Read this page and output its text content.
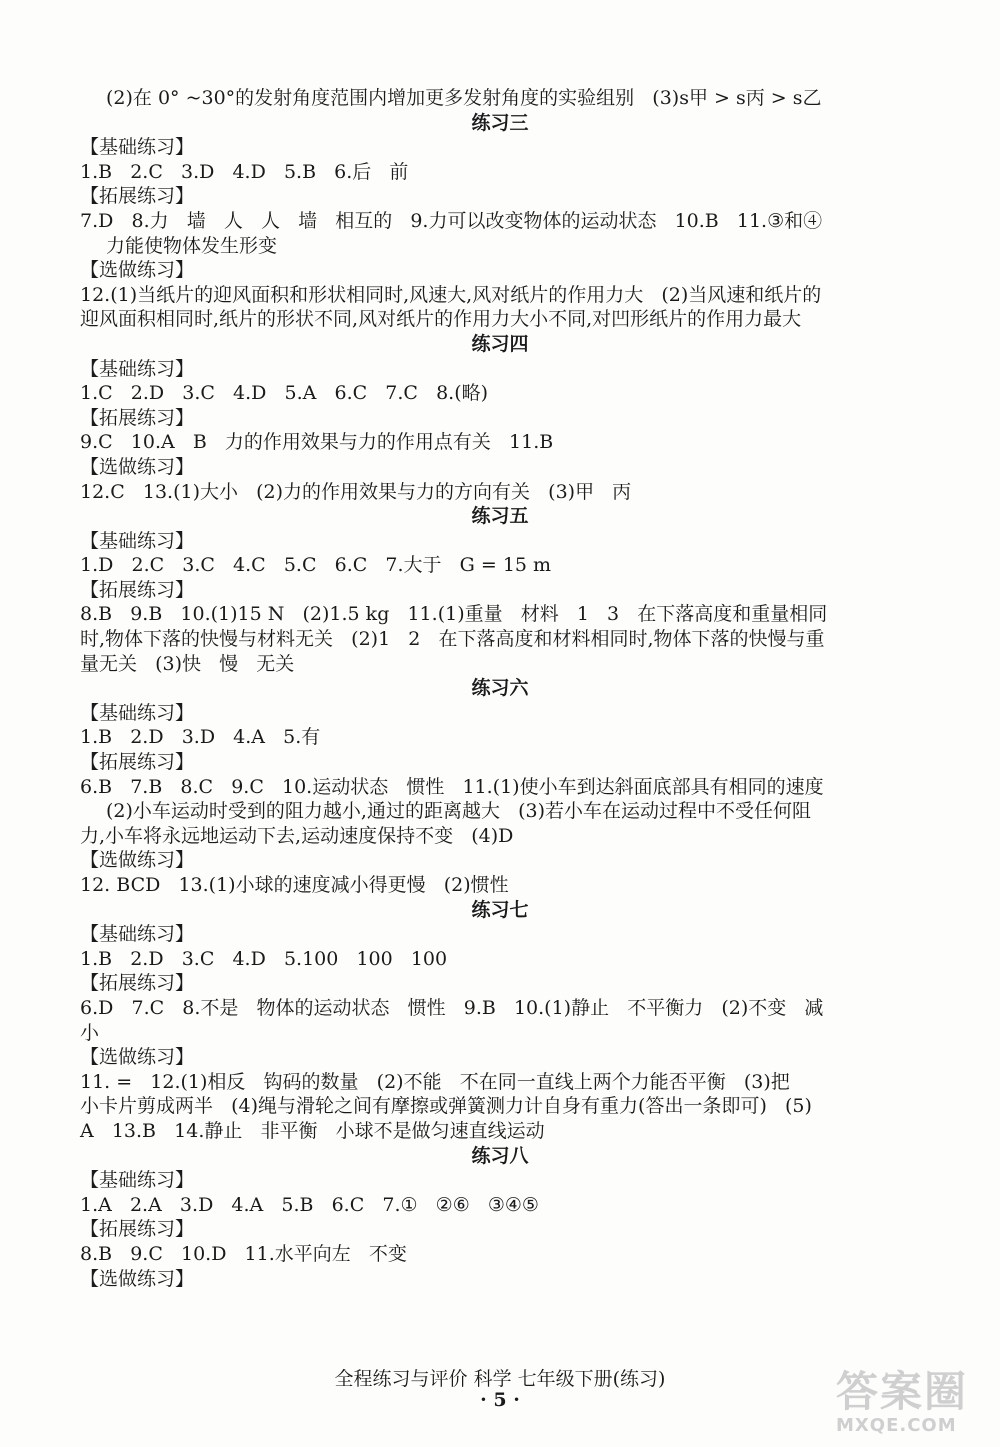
(2)在 0° ~30°的发射角度范围内增加更多发射角度的实验组别   (3)s甲 > s丙 > s乙

练习三

【基础练习】

1.B   2.C   3.D   4.D   5.B   6.后   前

【拓展练习】

7.D   8.力   墙   人   人   墙   相互的   9.力可以改变物体的运动状态   10.B   11.③和④

力能使物体发生形变

【选做练习】

12.(1)当纸片的迎风面积和形状相同时,风速大,风对纸片的作用力大   (2)当风速和纸片的

迎风面积相同时,纸片的形状不同,风对纸片的作用力大小不同,对凹形纸片的作用力最大

练习四

【基础练习】

1.C   2.D   3.C   4.D   5.A   6.C   7.C   8.(略)

【拓展练习】

9.C   10.A   B   力的作用效果与力的作用点有关   11.B

【选做练习】

12.C   13.(1)大小   (2)力的作用效果与力的方向有关   (3)甲   丙

练习五

【基础练习】

1.D   2.C   3.C   4.C   5.C   6.C   7.大于   G = 15 m

【拓展练习】

8.B   9.B   10.(1)15 N   (2)1.5 kg   11.(1)重量   材料   1   3   在下落高度和重量相同

时,物体下落的快慢与材料无关   (2)1   2   在下落高度和材料相同时,物体下落的快慢与重

量无关   (3)快   慢   无关

练习六

【基础练习】

1.B   2.D   3.D   4.A   5.有

【拓展练习】

6.B   7.B   8.C   9.C   10.运动状态   惯性   11.(1)使小车到达斜面底部具有相同的速度

(2)小车运动时受到的阻力越小,通过的距离越大   (3)若小车在运动过程中不受任何阻

力,小车将永远地运动下去,运动速度保持不变   (4)D

【选做练习】

12. BCD   13.(1)小球的速度减小得更慢   (2)惯性

练习七

【基础练习】

1.B   2.D   3.C   4.D   5.100   100   100

【拓展练习】

6.D   7.C   8.不是   物体的运动状态   惯性   9.B   10.(1)静止   不平衡力   (2)不变   减

小

【选做练习】

11. =   12.(1)相反   钩码的数量   (2)不能   不在同一直线上两个力能否平衡   (3)把

小卡片剪成两半   (4)绳与滑轮之间有摩擦或弹簧测力计自身有重力(答出一条即可)   (5)

A   13.B   14.静止   非平衡   小球不是做匀速直线运动

练习八

【基础练习】

1.A   2.A   3.D   4.A   5.B   6.C   7.①   ②⑥   ③④⑤

【拓展练习】

8.B   9.C   10.D   11.水平向左   不变

【选做练习】

全程练习与评价 科学 七年级下册(练习)
· 5 ·	答案圈
MXQE.COM
